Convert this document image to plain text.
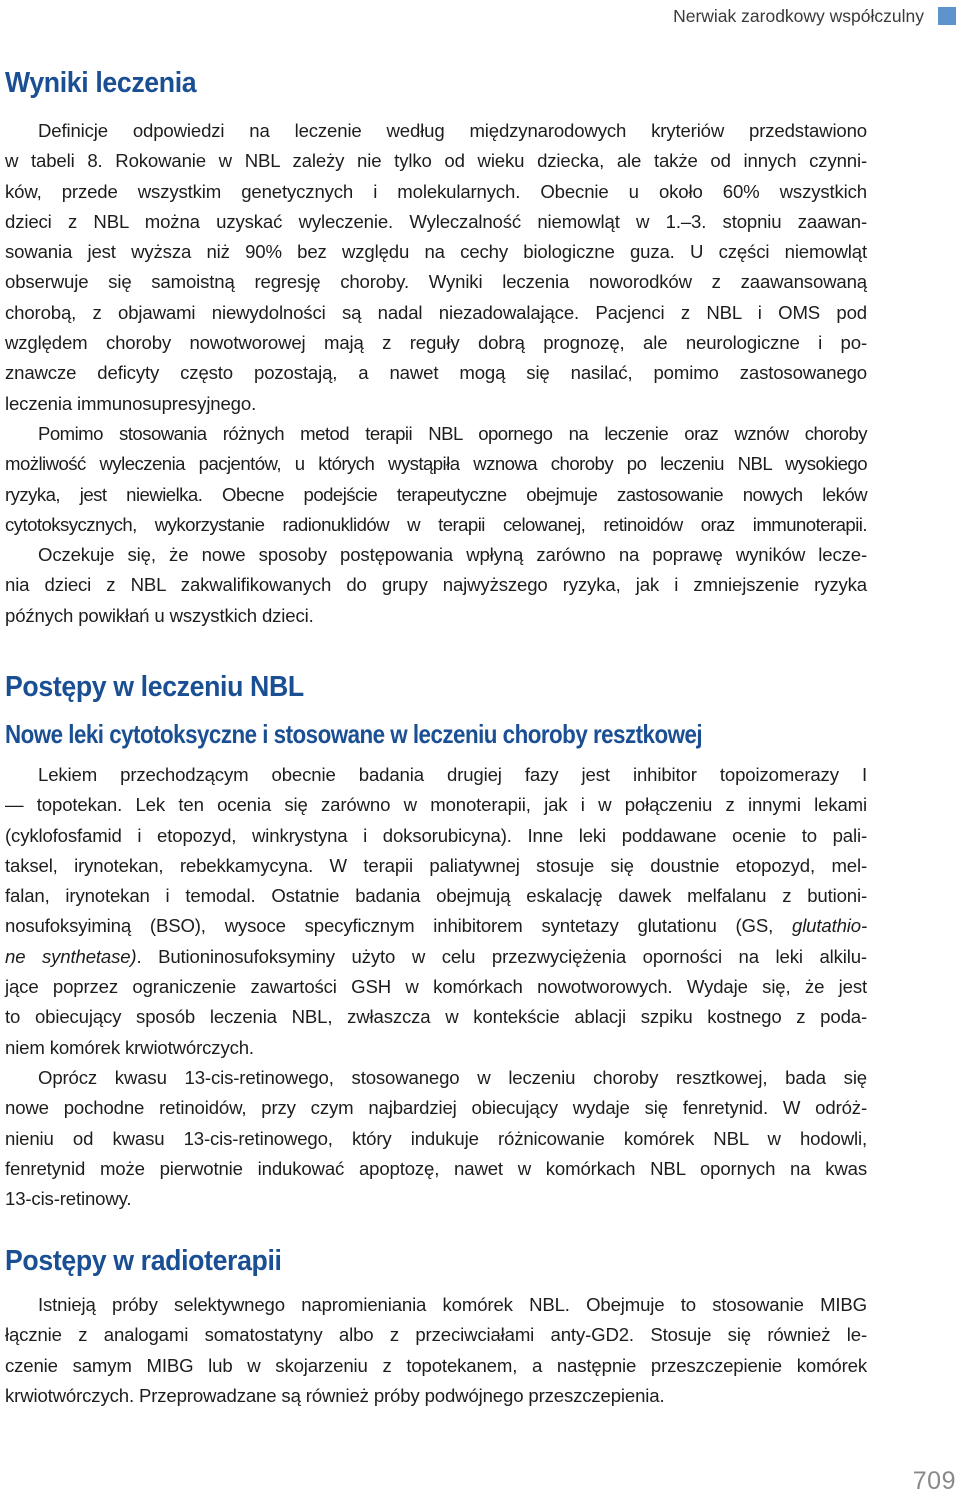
Nerwiak zarodkowy współczulny
Wyniki leczenia
Definicje odpowiedzi na leczenie według międzynarodowych kryteriów przedstawiono
w tabeli 8. Rokowanie w NBL zależy nie tylko od wieku dziecka, ale także od innych czynni-
ków, przede wszystkim genetycznych i molekularnych. Obecnie u około 60% wszystkich
dzieci z NBL można uzyskać wyleczenie. Wyleczalność niemowląt w 1.–3. stopniu zaawan-
sowania jest wyższa niż 90% bez względu na cechy biologiczne guza. U części niemowląt
obserwuje się samoistną regresję choroby. Wyniki leczenia noworodków z zaawansowaną
chorobą, z objawami niewydolności są nadal niezadowalające. Pacjenci z NBL i OMS pod
względem choroby nowotworowej mają z reguły dobrą prognozę, ale neurologiczne i po-
znawcze deficyty często pozostają, a nawet mogą się nasilać, pomimo zastosowanego
leczenia immunosupresyjnego.
Pomimo stosowania różnych metod terapii NBL opornego na leczenie oraz wznów choroby
możliwość wyleczenia pacjentów, u których wystąpiła wznowa choroby po leczeniu NBL wysokiego
ryzyka, jest niewielka. Obecne podejście terapeutyczne obejmuje zastosowanie nowych leków
cytotoksycznych, wykorzystanie radionuklidów w terapii celowanej, retinoidów oraz immunoterapii.
Oczekuje się, że nowe sposoby postępowania wpłyną zarówno na poprawę wyników lecze-
nia dzieci z NBL zakwalifikowanych do grupy najwyższego ryzyka, jak i zmniejszenie ryzyka
późnych powikłań u wszystkich dzieci.
Postępy w leczeniu NBL
Nowe leki cytotoksyczne i stosowane w leczeniu choroby resztkowej
Lekiem przechodzącym obecnie badania drugiej fazy jest inhibitor topoizomerazy I
— topotekan. Lek ten ocenia się zarówno w monoterapii, jak i w połączeniu z innymi lekami
(cyklofosfamid i etopozyd, winkrystyna i doksorubicyna). Inne leki poddawane ocenie to pali-
taksel, irynotekan, rebekkamycyna. W terapii paliatywnej stosuje się doustnie etopozyd, mel-
falan, irynotekan i temodal. Ostatnie badania obejmują eskalację dawek melfalanu z butioni-
nosufoksyiminą (BSO), wysoce specyficznym inhibitorem syntetazy glutationu (GS, glutathio-
ne synthetase). Butioninosufoksyminy użyto w celu przezwyciężenia oporności na leki alkilu-
jące poprzez ograniczenie zawartości GSH w komórkach nowotworowych. Wydaje się, że jest
to obiecujący sposób leczenia NBL, zwłaszcza w kontekście ablacji szpiku kostnego z poda-
niem komórek krwiotwórczych.
Oprócz kwasu 13-cis-retinowego, stosowanego w leczeniu choroby resztkowej, bada się
nowe pochodne retinoidów, przy czym najbardziej obiecujący wydaje się fenretynid. W odróż-
nieniu od kwasu 13-cis-retinowego, który indukuje różnicowanie komórek NBL w hodowli,
fenretynid może pierwotnie indukować apoptozę, nawet w komórkach NBL opornych na kwas
13-cis-retinowy.
Postępy w radioterapii
Istnieją próby selektywnego napromieniania komórek NBL. Obejmuje to stosowanie MIBG
łącznie z analogami somatostatyny albo z przeciwciałami anty-GD2. Stosuje się również le-
czenie samym MIBG lub w skojarzeniu z topotekanem, a następnie przeszczepienie komórek
krwiotwórczych. Przeprowadzane są również próby podwójnego przeszczepienia.
709
